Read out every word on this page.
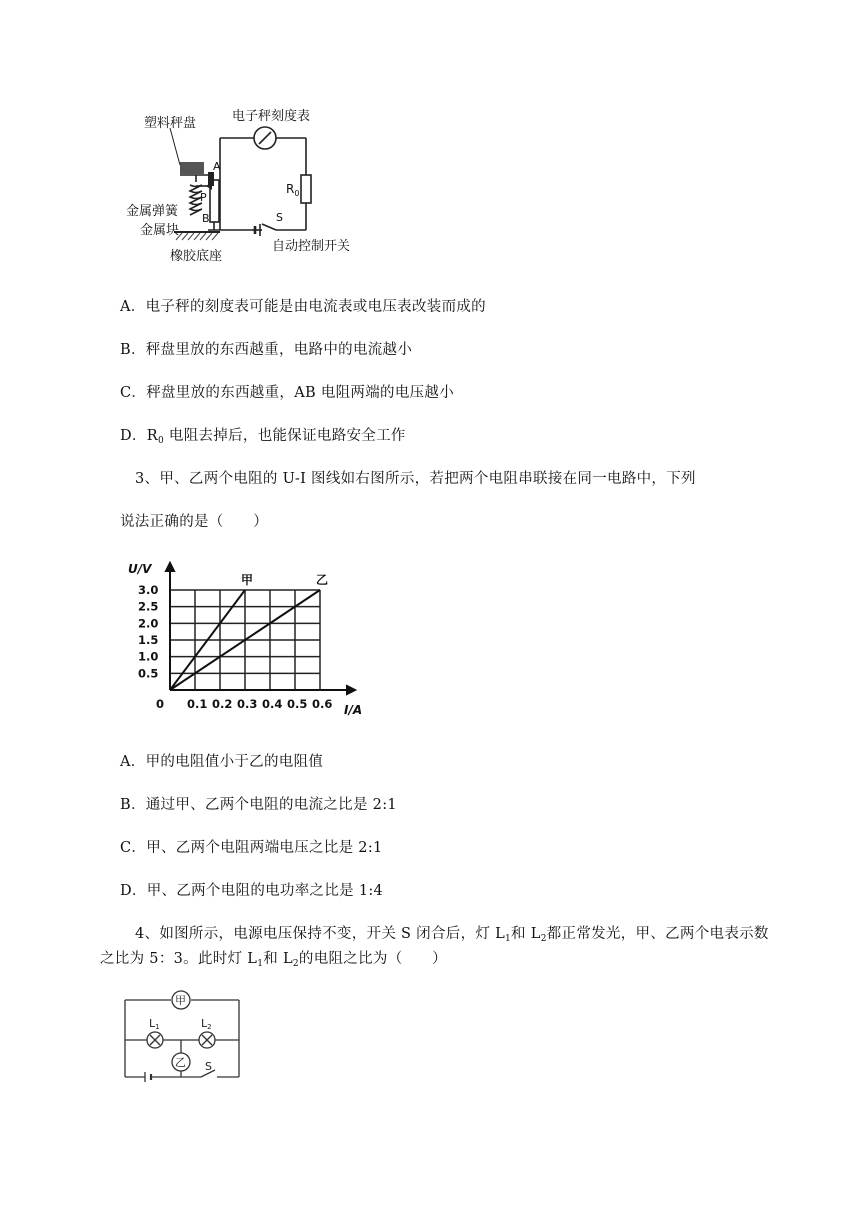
塑料秤盘	电子秤刻度表
金属弹簧
金属块
橡胶底座
自动控制开关
A
P
B	S
$R_0$
A．电子秤的刻度表可能是由电流表或电压表改装而成的
B．秤盘里放的东西越重，电路中的电流越小
C．秤盘里放的东西越重，AB 电阻两端的电压越小
D．$R_0$ 电阻去掉后，也能保证电路安全工作
3、甲、乙两个电阻的 U-I 图线如右图所示，若把两个电阻串联接在同一电路中，下列
说法正确的是（　　）
0 0.1 0.2 0.3 0.4 0.5 0.6
0.5
1.0
1.5
2.0
2.5
3.0
甲	乙
U/V
I/A
A．甲的电阻值小于乙的电阻值
B．通过甲、乙两个电阻的电流之比是 2:1
C．甲、乙两个电阻两端电压之比是 2:1
D．甲、乙两个电阻的电功率之比是 1:4
4、如图所示，电源电压保持不变，开关 S 闭合后，灯 $L_1$和 $L_2$都正常发光，甲、乙两个电表示数
之比为 5：3。此时灯 $L_1$和 $L_2$的电阻之比为（　　）
甲
乙
L1	L2
S
